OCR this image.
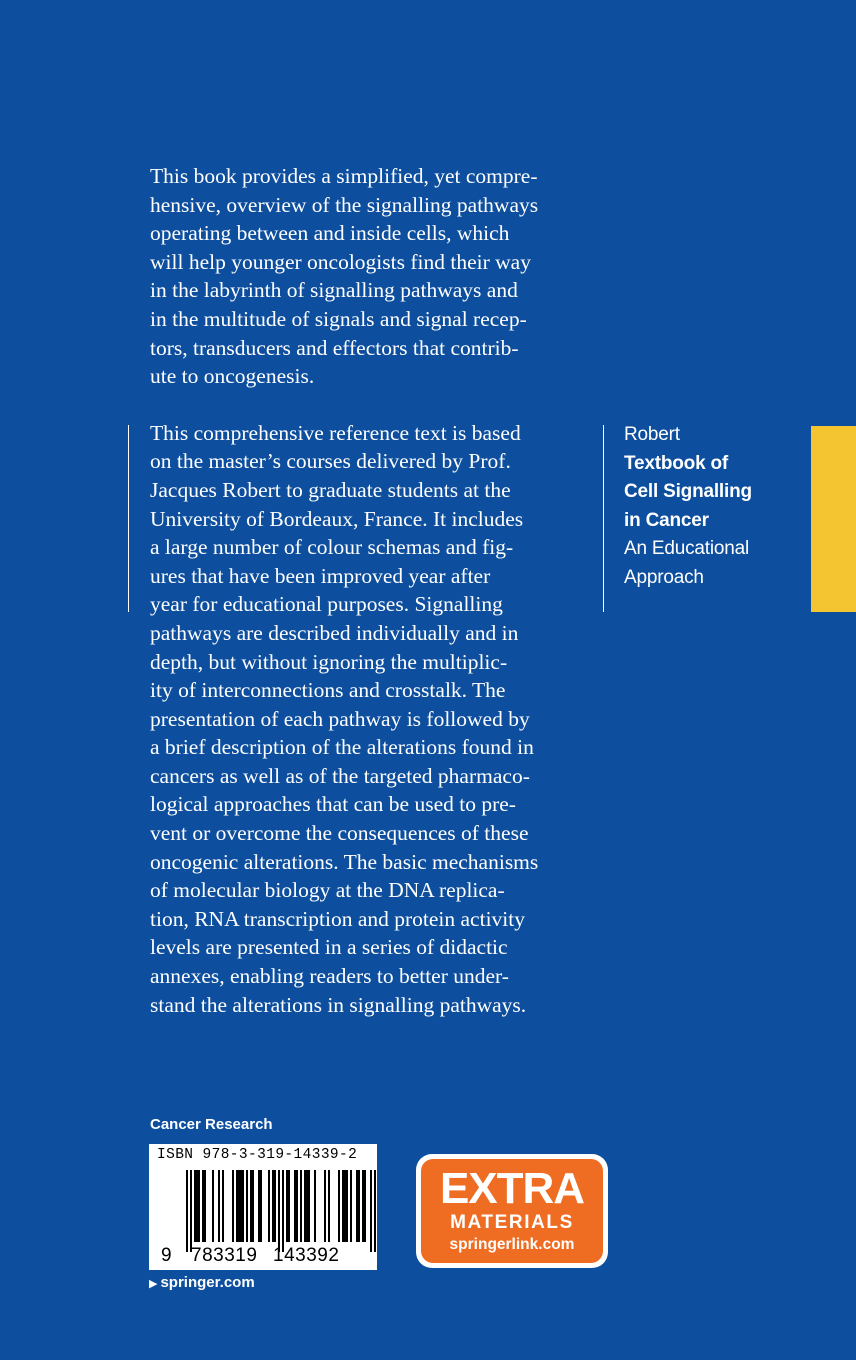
This book provides a simplified, yet compre-
hensive, overview of the signalling pathways
operating between and inside cells, which
will help younger oncologists find their way
in the labyrinth of signalling pathways and
in the multitude of signals and signal recep-
tors, transducers and effectors that contrib-
ute to oncogenesis.

This comprehensive reference text is based
on the master’s courses delivered by Prof.
Jacques Robert to graduate students at the
University of Bordeaux, France. It includes
a large number of colour schemas and fig-
ures that have been improved year after
year for educational purposes. Signalling
pathways are described individually and in
depth, but without ignoring the multiplic-
ity of interconnections and crosstalk. The
presentation of each pathway is followed by
a brief description of the alterations found in
cancers as well as of the targeted pharmaco-
logical approaches that can be used to pre-
vent or overcome the consequences of these
oncogenic alterations. The basic mechanisms
of molecular biology at the DNA replica-
tion, RNA transcription and protein activity
levels are presented in a series of didactic
annexes, enabling readers to better under-
stand the alterations in signalling pathways.

Robert
Textbook of
Cell Signalling
in Cancer
An Educational
Approach
Cancer Research
ISBN 978-3-319-14339-2
9 783319 143392
▶ springer.com
EXTRA
MATERIALS
springerlink.com
